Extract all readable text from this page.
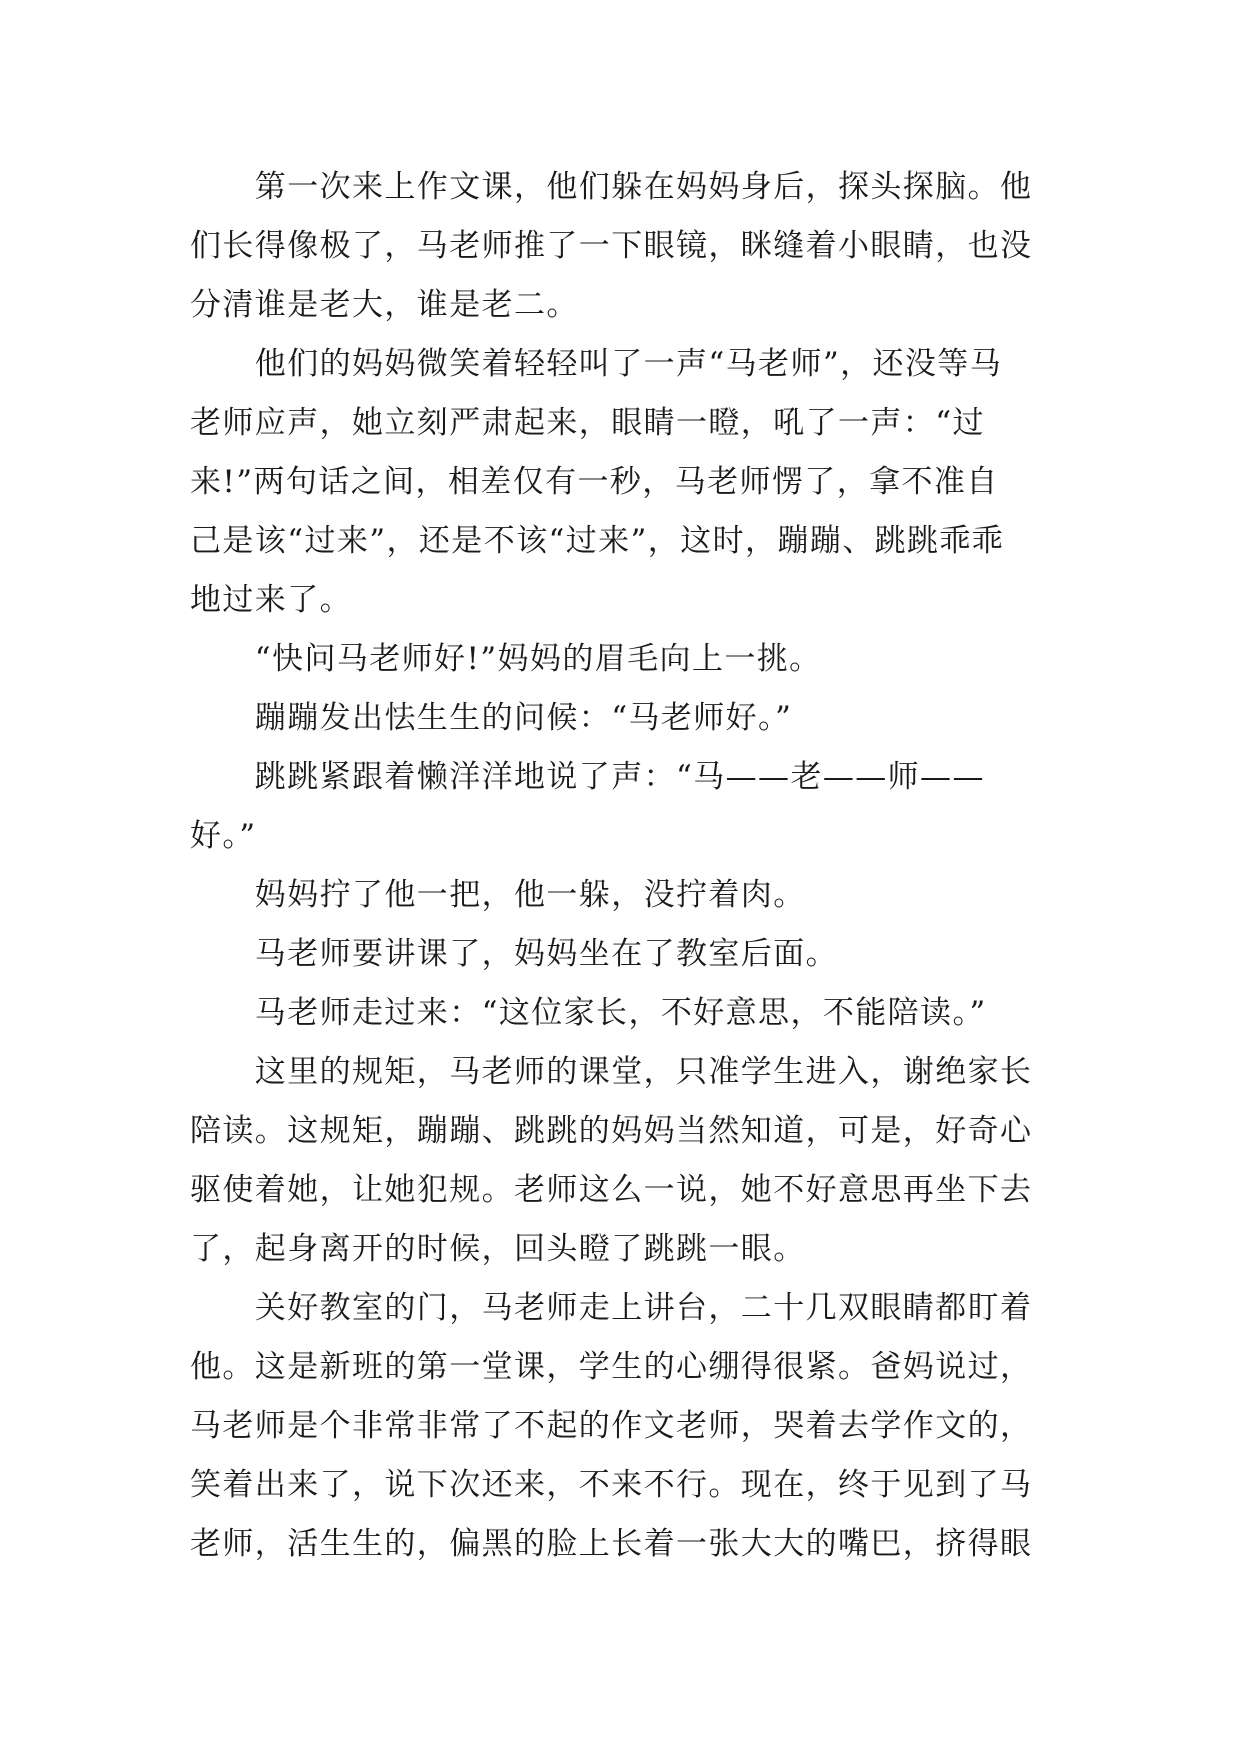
　　第一次来上作文课，他们躲在妈妈身后，探头探脑。他
们长得像极了，马老师推了一下眼镜，眯缝着小眼睛，也没
分清谁是老大，谁是老二。
　　他们的妈妈微笑着轻轻叫了一声“马老师”，还没等马
老师应声，她立刻严肃起来，眼睛一瞪，吼了一声：“过
来!”两句话之间，相差仅有一秒，马老师愣了，拿不准自
己是该“过来”，还是不该“过来”，这时，蹦蹦、跳跳乖乖
地过来了。
　　“快问马老师好!”妈妈的眉毛向上一挑。
　　蹦蹦发出怯生生的问候：“马老师好。”
　　跳跳紧跟着懒洋洋地说了声：“马——老——师——
好。”
　　妈妈拧了他一把，他一躲，没拧着肉。
　　马老师要讲课了，妈妈坐在了教室后面。
　　马老师走过来：“这位家长，不好意思，不能陪读。”
　　这里的规矩，马老师的课堂，只准学生进入，谢绝家长
陪读。这规矩，蹦蹦、跳跳的妈妈当然知道，可是，好奇心
驱使着她，让她犯规。老师这么一说，她不好意思再坐下去
了，起身离开的时候，回头瞪了跳跳一眼。
　　关好教室的门，马老师走上讲台，二十几双眼睛都盯着
他。这是新班的第一堂课，学生的心绷得很紧。爸妈说过，
马老师是个非常非常了不起的作文老师，哭着去学作文的，
笑着出来了，说下次还来，不来不行。现在，终于见到了马
老师，活生生的，偏黑的脸上长着一张大大的嘴巴，挤得眼
